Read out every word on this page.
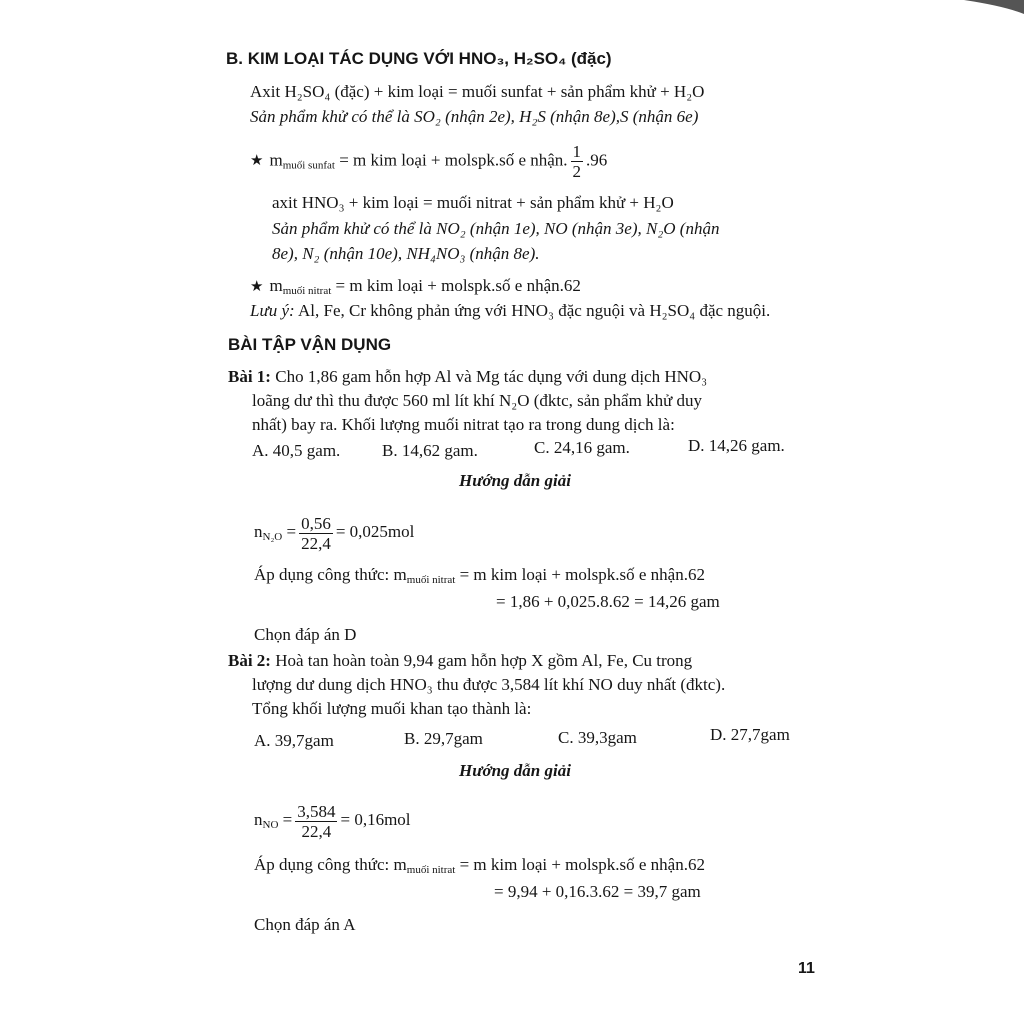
B. KIM LOẠI TÁC DỤNG VỚI HNO₃, H₂SO₄ (đặc)
Axit H₂SO₄ (đặc) + kim loại = muối sunfat + sản phẩm khử + H₂O
Sản phẩm khử có thể là SO₂ (nhận 2e), H₂S (nhận 8e),S (nhận 6e)
★ $m_{muối sunfat} = m$ kim loại + molspk.số e nhận. $\frac{1}{2} .96$
axit HNO₃ + kim loại = muối nitrat + sản phẩm khử + H₂O
Sản phẩm khử có thể là NO₂ (nhận 1e), NO (nhận 3e), N₂O (nhận
8e), N₂ (nhận 10e), NH₄NO₃ (nhận 8e).
★ $m_{muối nitrat} = m$ kim loại + molspk.số e nhận.62
Lưu ý: Al, Fe, Cr không phản ứng với HNO₃ đặc nguội và H₂SO₄ đặc nguội.
BÀI TẬP VẬN DỤNG
Bài 1: Cho 1,86 gam hỗn hợp Al và Mg tác dụng với dung dịch HNO₃
loãng dư thì thu được 560 ml lít khí N₂O (đktc, sản phẩm khử duy
nhất) bay ra. Khối lượng muối nitrat tạo ra trong dung dịch là:
A. 40,5 gam. B. 14,62 gam.	C. 24,16 gam.	D. 14,26 gam.
Hướng dẫn giải
$n_{N_2O} = \frac{0,56}{22,4} = 0,025mol$
Áp dụng công thức: $m_{muối nitrat} = m$ kim loại + molspk.số e nhận.62
= 1,86 + 0,025.8.62 = 14,26 gam
Chọn đáp án D
Bài 2: Hoà tan hoàn toàn 9,94 gam hỗn hợp X gồm Al, Fe, Cu trong
lượng dư dung dịch HNO₃ thu được 3,584 lít khí NO duy nhất (đktc).
Tổng khối lượng muối khan tạo thành là:
A. 39,7gam	B. 29,7gam	C. 39,3gam	D. 27,7gam
Hướng dẫn giải
$n_{NO} = \frac{3,584}{22,4} = 0,16mol$
Áp dụng công thức: $m_{muối nitrat} = m$ kim loại + molspk.số e nhận.62
= 9,94 + 0,16.3.62 = 39,7 gam
Chọn đáp án A
11
